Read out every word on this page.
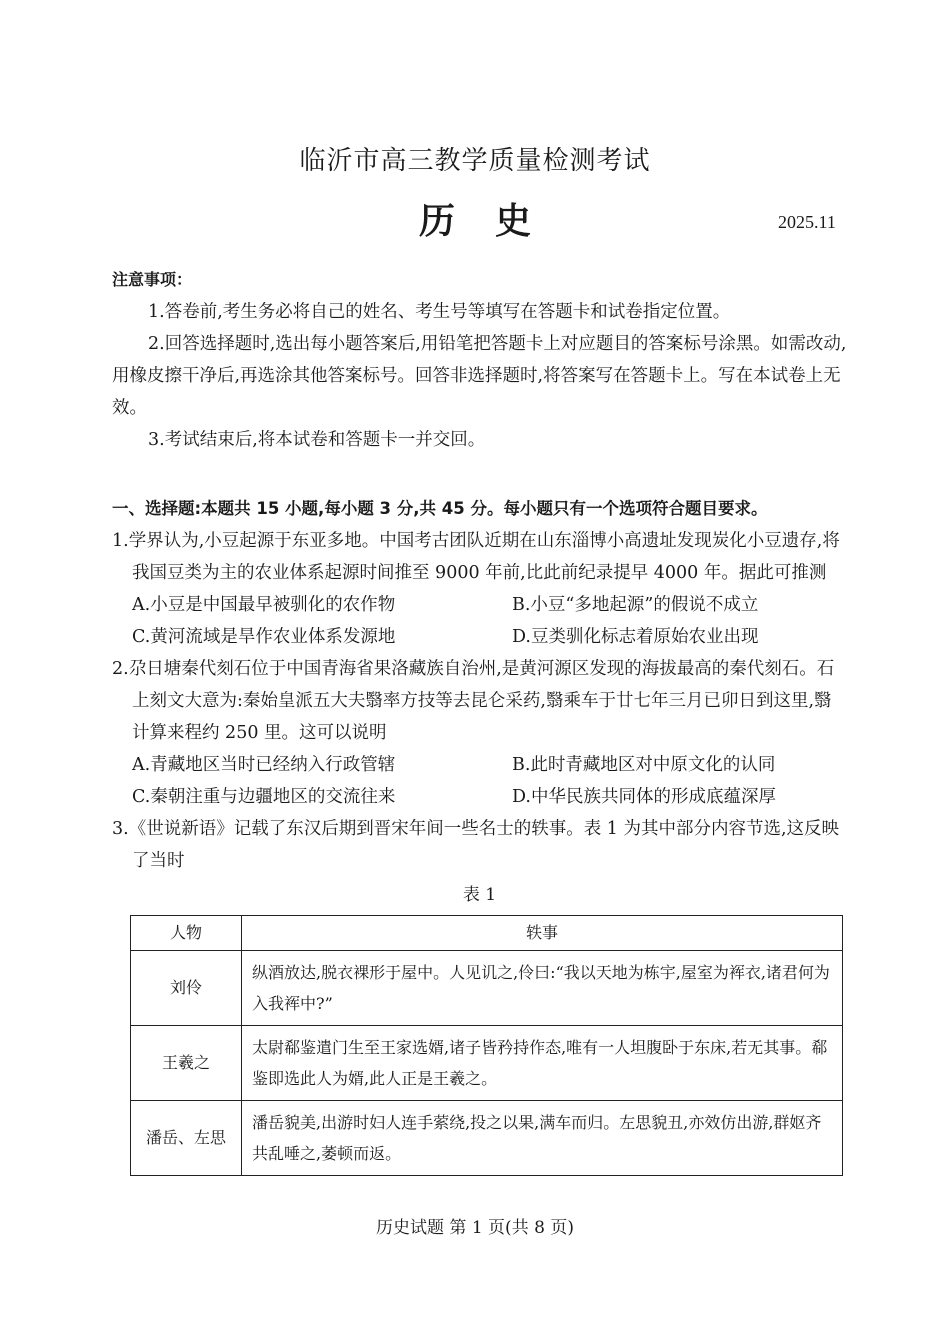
临沂市高三教学质量检测考试
历史	2025.11
注意事项：
1.答卷前,考生务必将自己的姓名、考生号等填写在答题卡和试卷指定位置。
2.回答选择题时,选出每小题答案后,用铅笔把答题卡上对应题目的答案标号涂黑。如需改动,用橡皮擦干净后,再选涂其他答案标号。回答非选择题时,将答案写在答题卡上。写在本试卷上无效。
3.考试结束后,将本试卷和答题卡一并交回。
一、选择题:本题共 15 小题,每小题 3 分,共 45 分。每小题只有一个选项符合题目要求。
1.学界认为,小豆起源于东亚多地。中国考古团队近期在山东淄博小高遗址发现炭化小豆遗存,将我国豆类为主的农业体系起源时间推至 9000 年前,比此前纪录提早 4000 年。据此可推测
A.小豆是中国最早被驯化的农作物	B.小豆“多地起源”的假说不成立
C.黄河流域是旱作农业体系发源地	D.豆类驯化标志着原始农业出现
2.尕日塘秦代刻石位于中国青海省果洛藏族自治州,是黄河源区发现的海拔最高的秦代刻石。石上刻文大意为:秦始皇派五大夫翳率方技等去昆仑采药,翳乘车于廿七年三月已卯日到这里,翳计算来程约 250 里。这可以说明
A.青藏地区当时已经纳入行政管辖	B.此时青藏地区对中原文化的认同
C.秦朝注重与边疆地区的交流往来	D.中华民族共同体的形成底蕴深厚
3.《世说新语》记载了东汉后期到晋宋年间一些名士的轶事。表 1 为其中部分内容节选,这反映了当时
表 1
人物	轶事
刘伶	纵酒放达,脱衣裸形于屋中。人见讥之,伶曰:“我以天地为栋宇,屋室为裈衣,诸君何为入我裈中?”
王羲之	太尉郗鉴遣门生至王家选婿,诸子皆矜持作态,唯有一人坦腹卧于东床,若无其事。郗鉴即选此人为婿,此人正是王羲之。
潘岳、左思	潘岳貌美,出游时妇人连手萦绕,投之以果,满车而归。左思貌丑,亦效仿出游,群妪齐共乱唾之,萎顿而返。
历史试题 第 1 页(共 8 页)
